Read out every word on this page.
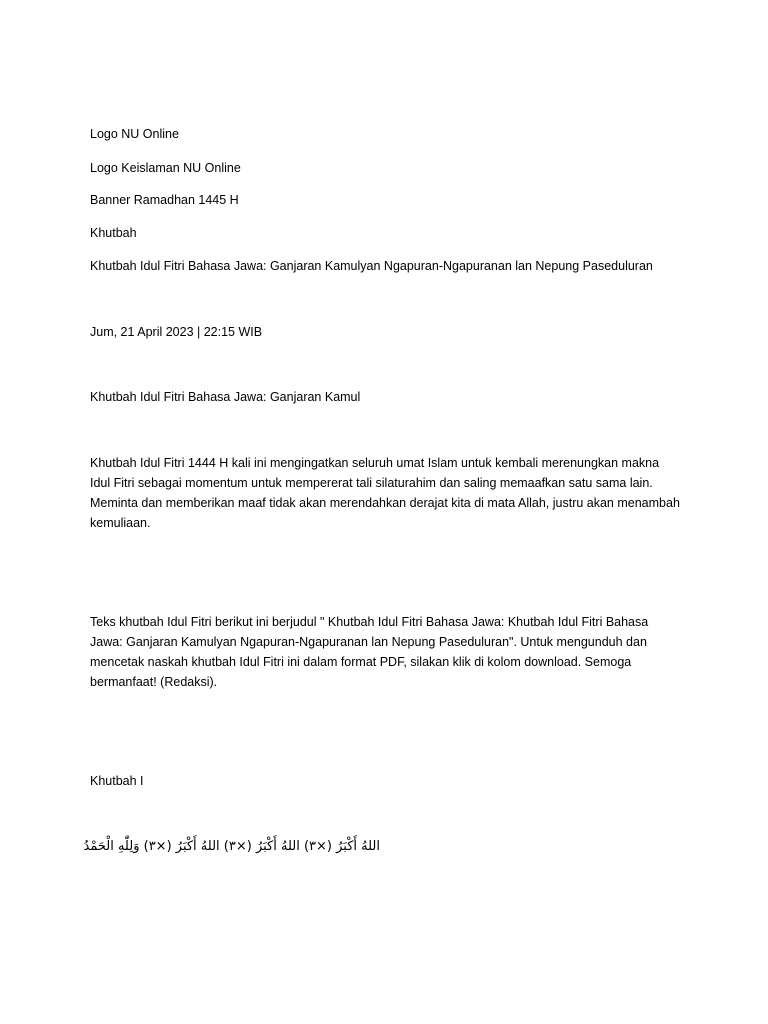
Logo NU Online
Logo Keislaman NU Online
Banner Ramadhan 1445 H
Khutbah
Khutbah Idul Fitri Bahasa Jawa: Ganjaran Kamulyan Ngapuran-Ngapuranan lan Nepung Paseduluran
Jum, 21 April 2023 | 22:15 WIB
Khutbah Idul Fitri Bahasa Jawa: Ganjaran Kamul
Khutbah Idul Fitri 1444 H kali ini mengingatkan seluruh umat Islam untuk kembali merenungkan makna Idul Fitri sebagai momentum untuk mempererat tali silaturahim dan saling memaafkan satu sama lain. Meminta dan memberikan maaf tidak akan merendahkan derajat kita di mata Allah, justru akan menambah kemuliaan.
Teks khutbah Idul Fitri berikut ini berjudul " Khutbah Idul Fitri Bahasa Jawa: Khutbah Idul Fitri Bahasa Jawa: Ganjaran Kamulyan Ngapuran-Ngapuranan lan Nepung Paseduluran". Untuk mengunduh dan mencetak naskah khutbah Idul Fitri ini dalam format PDF, silakan klik di kolom download. Semoga bermanfaat! (Redaksi).
Khutbah I
اللهُ أَكْبَرُ (×٣) اللهُ أَكْبَرُ (×٣) اللهُ أَكْبَرُ (×٣) وَلِلّٰهِ الْحَمْدُ
